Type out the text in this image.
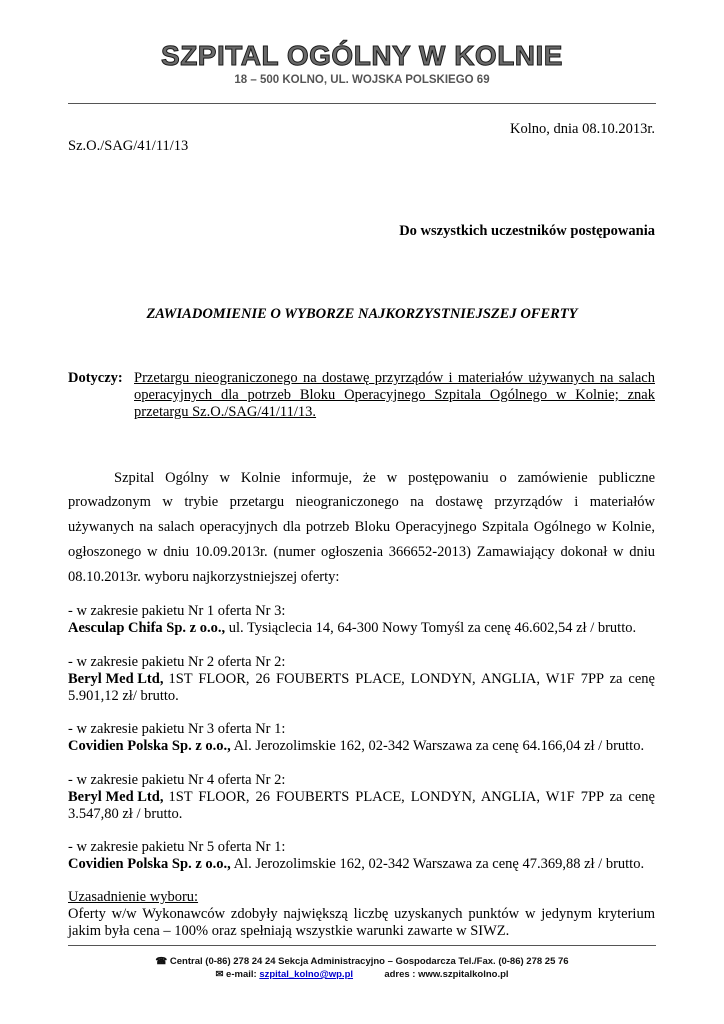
SZPITAL OGÓLNY W KOLNIE
18 – 500 KOLNO, UL. WOJSKA POLSKIEGO 69
Kolno, dnia 08.10.2013r.
Sz.O./SAG/41/11/13
Do wszystkich uczestników postępowania
ZAWIADOMIENIE O WYBORZE NAJKORZYSTNIEJSZEJ OFERTY
Dotyczy: Przetargu nieograniczonego na dostawę przyrządów i materiałów używanych na salach
operacyjnych dla potrzeb Bloku Operacyjnego Szpitala Ogólnego w Kolnie; znak
przetargu Sz.O./SAG/41/11/13.
Szpital Ogólny w Kolnie informuje, że w postępowaniu o zamówienie publiczne
prowadzonym w trybie przetargu nieograniczonego na dostawę przyrządów i materiałów
używanych na salach operacyjnych dla potrzeb Bloku Operacyjnego Szpitala Ogólnego w Kolnie,
ogłoszonego w dniu 10.09.2013r. (numer ogłoszenia 366652-2013) Zamawiający dokonał w dniu
08.10.2013r. wyboru najkorzystniejszej oferty:
- w zakresie pakietu Nr 1 oferta Nr 3:
Aesculap Chifa Sp. z o.o., ul. Tysiąclecia 14, 64-300 Nowy Tomyśl za cenę 46.602,54 zł / brutto.
- w zakresie pakietu Nr 2 oferta Nr 2:
Beryl Med Ltd, 1ST FLOOR, 26 FOUBERTS PLACE, LONDYN, ANGLIA, W1F 7PP za cenę
5.901,12 zł/ brutto.
- w zakresie pakietu Nr 3 oferta Nr 1:
Covidien Polska Sp. z o.o., Al. Jerozolimskie 162, 02-342 Warszawa za cenę 64.166,04 zł / brutto.
- w zakresie pakietu Nr 4 oferta Nr 2:
Beryl Med Ltd, 1ST FLOOR, 26 FOUBERTS PLACE, LONDYN, ANGLIA, W1F 7PP za cenę
3.547,80 zł / brutto.
- w zakresie pakietu Nr 5 oferta Nr 1:
Covidien Polska Sp. z o.o., Al. Jerozolimskie 162, 02-342 Warszawa za cenę 47.369,88 zł / brutto.
Uzasadnienie wyboru:
Oferty w/w Wykonawców zdobyły największą liczbę uzyskanych punktów w jedynym kryterium
jakim była cena – 100% oraz spełniają wszystkie warunki zawarte w SIWZ.
☎ Central (0-86) 278 24 24 Sekcja Administracyjno – Gospodarcza Tel./Fax. (0-86) 278 25 76
✉ e-mail: szpital_kolno@wp.pl	adres : www.szpitalkolno.pl
